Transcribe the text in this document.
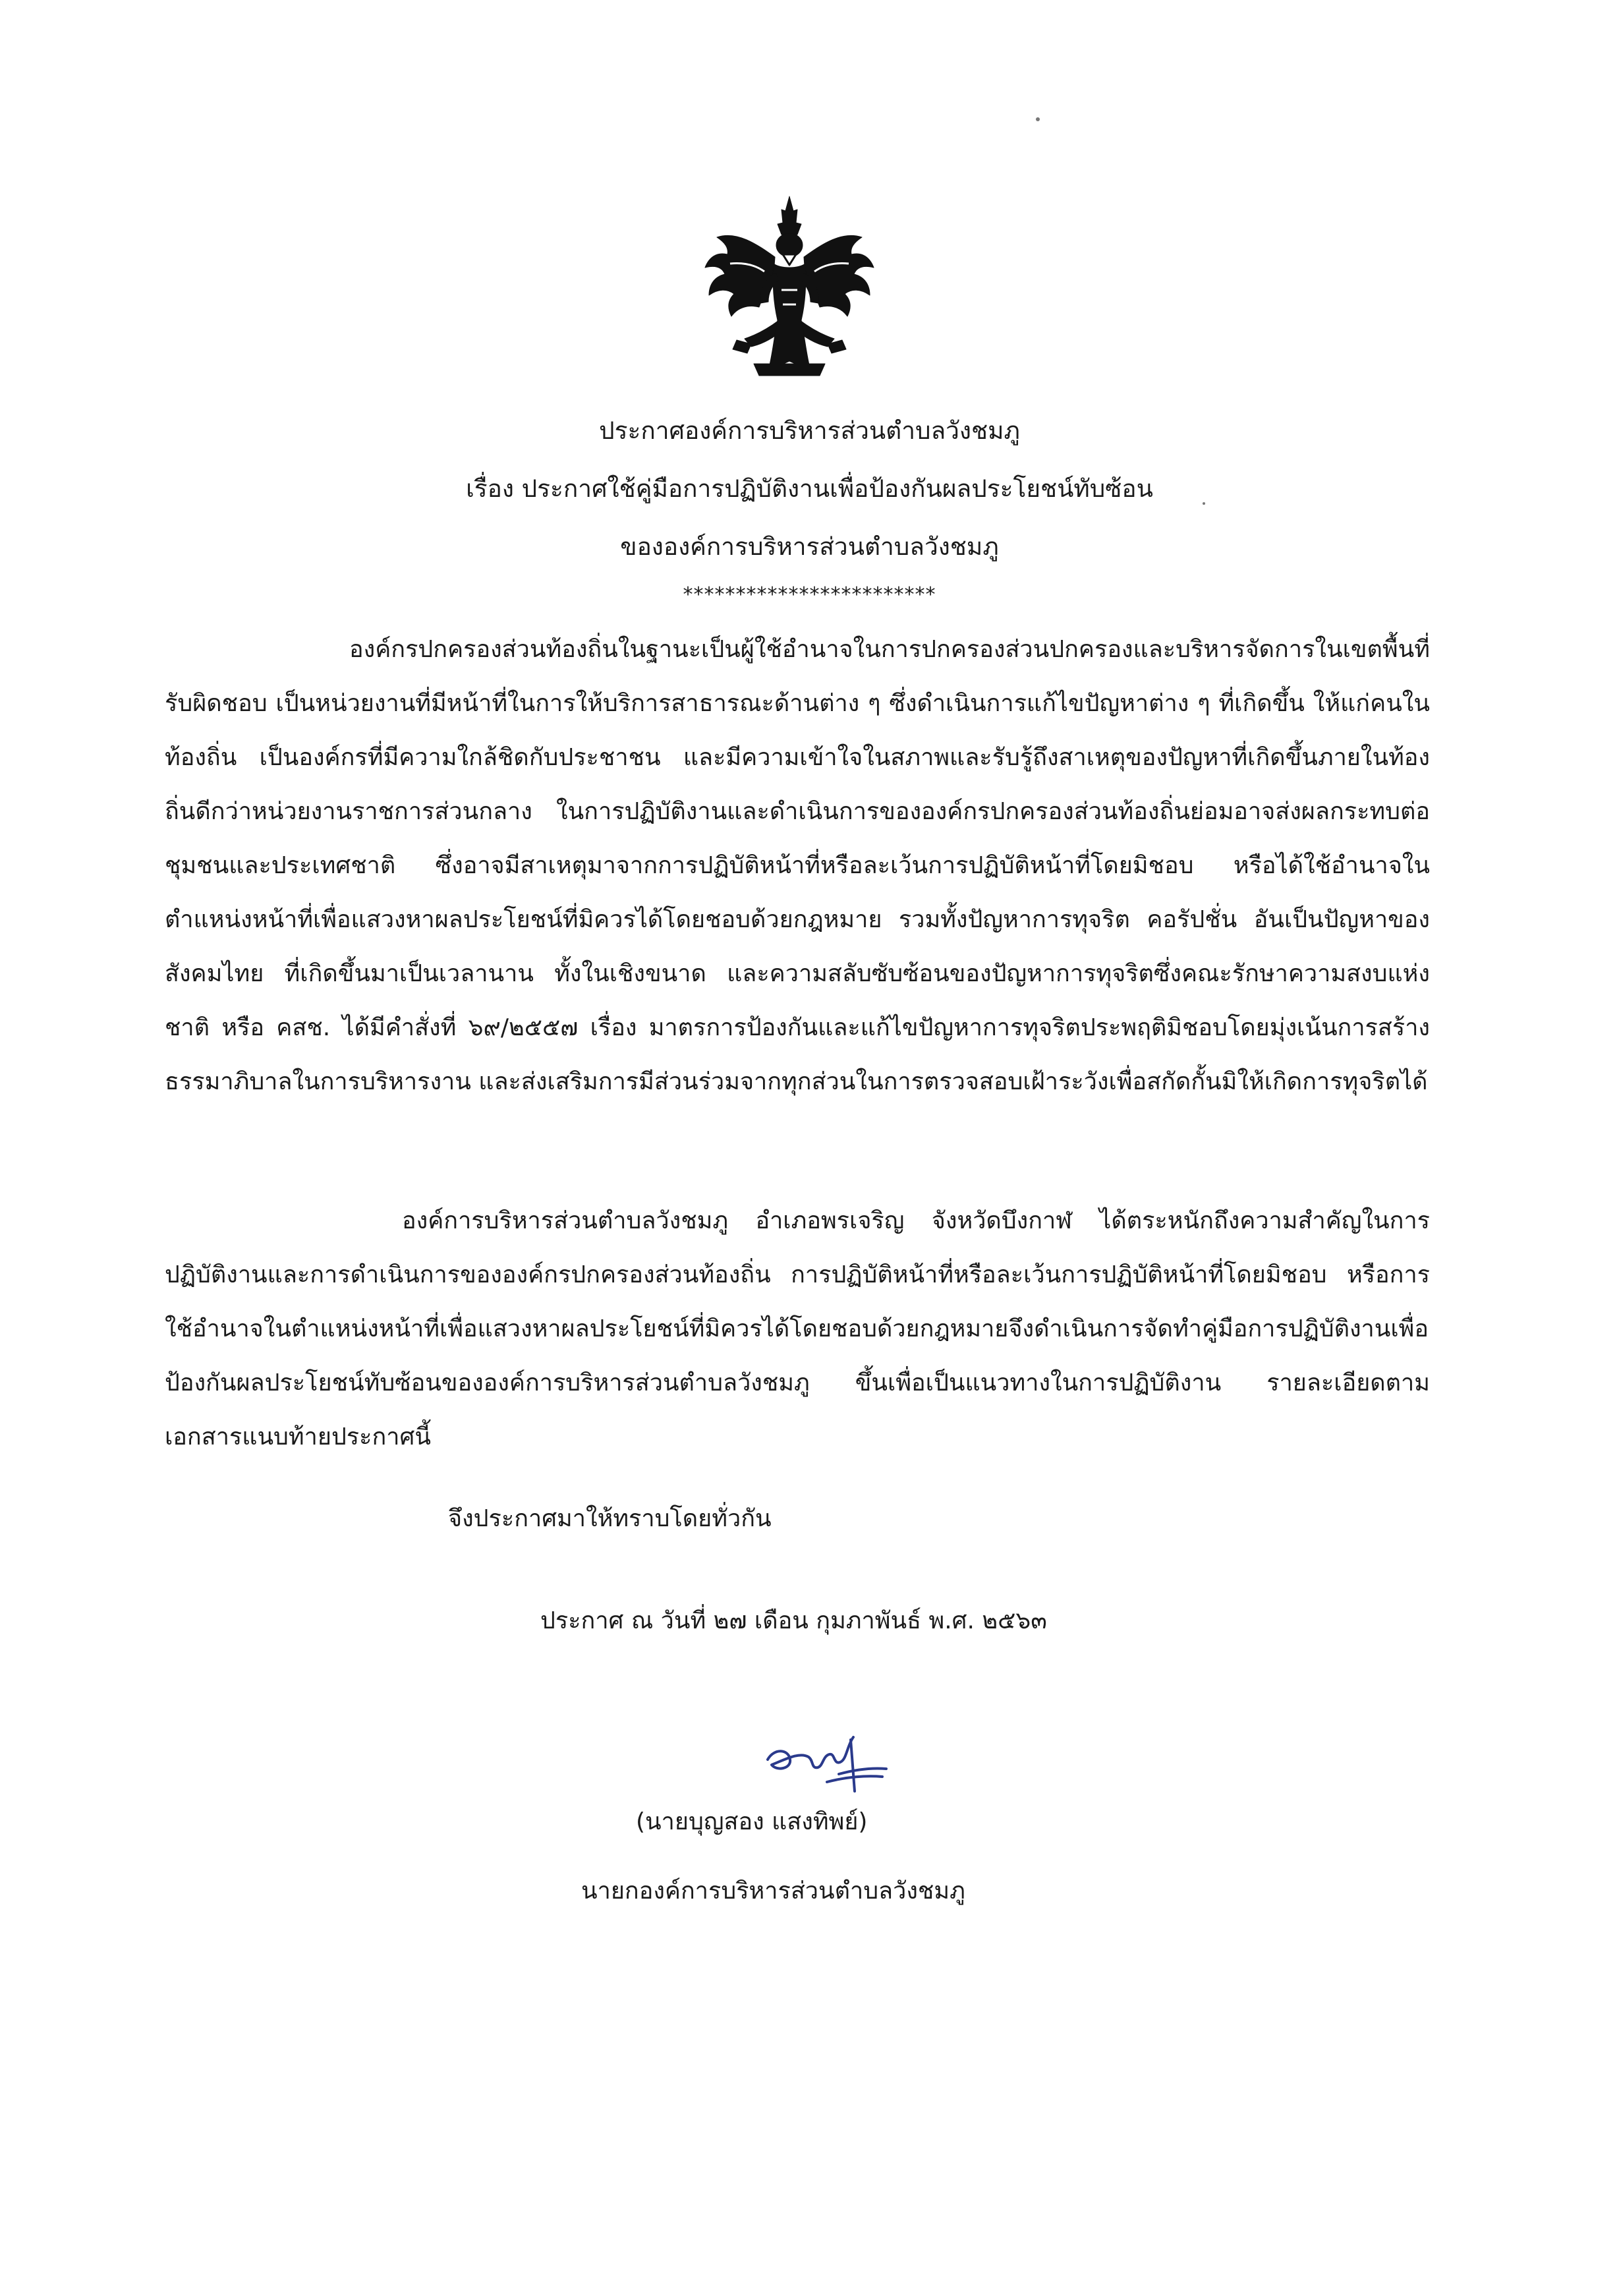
ประกาศองค์การบริหารส่วนตำบลวังชมภู
เรื่อง ประกาศใช้คู่มือการปฏิบัติงานเพื่อป้องกันผลประโยชน์ทับซ้อน
ขององค์การบริหารส่วนตำบลวังชมภู
************************

องค์กรปกครองส่วนท้องถิ่นในฐานะเป็นผู้ใช้อำนาจในการปกครองส่วนปกครองและบริหารจัดการในเขตพื้นที่รับผิดชอบ เป็นหน่วยงานที่มีหน้าที่ในการให้บริการสาธารณะด้านต่าง ๆ ซึ่งดำเนินการแก้ไขปัญหาต่าง ๆ ที่เกิดขึ้น ให้แก่คนในท้องถิ่น เป็นองค์กรที่มีความใกล้ชิดกับประชาชน และมีความเข้าใจในสภาพและรับรู้ถึงสาเหตุของปัญหาที่เกิดขึ้นภายในท้องถิ่นดีกว่าหน่วยงานราชการส่วนกลาง ในการปฏิบัติงานและดำเนินการขององค์กรปกครองส่วนท้องถิ่นย่อมอาจส่งผลกระทบต่อชุมชนและประเทศชาติ ซึ่งอาจมีสาเหตุมาจากการปฏิบัติหน้าที่หรือละเว้นการปฏิบัติหน้าที่โดยมิชอบ หรือได้ใช้อำนาจในตำแหน่งหน้าที่เพื่อแสวงหาผลประโยชน์ที่มิควรได้โดยชอบด้วยกฎหมาย รวมทั้งปัญหาการทุจริต คอรัปชั่น อันเป็นปัญหาของสังคมไทย ที่เกิดขึ้นมาเป็นเวลานาน ทั้งในเชิงขนาด และความสลับซับซ้อนของปัญหาการทุจริตซึ่งคณะรักษาความสงบแห่งชาติ หรือ คสช. ได้มีคำสั่งที่ ๖๙/๒๕๕๗ เรื่อง มาตรการป้องกันและแก้ไขปัญหาการทุจริตประพฤติมิชอบโดยมุ่งเน้นการสร้างธรรมาภิบาลในการบริหารงาน และส่งเสริมการมีส่วนร่วมจากทุกส่วนในการตรวจสอบเฝ้าระวังเพื่อสกัดกั้นมิให้เกิดการทุจริตได้

องค์การบริหารส่วนตำบลวังชมภู อำเภอพรเจริญ จังหวัดบึงกาฬ ได้ตระหนักถึงความสำคัญในการปฏิบัติงานและการดำเนินการขององค์กรปกครองส่วนท้องถิ่น การปฏิบัติหน้าที่หรือละเว้นการปฏิบัติหน้าที่โดยมิชอบ หรือการใช้อำนาจในตำแหน่งหน้าที่เพื่อแสวงหาผลประโยชน์ที่มิควรได้โดยชอบด้วยกฎหมายจึงดำเนินการจัดทำคู่มือการปฏิบัติงานเพื่อป้องกันผลประโยชน์ทับซ้อนขององค์การบริหารส่วนตำบลวังชมภู ขึ้นเพื่อเป็นแนวทางในการปฏิบัติงาน รายละเอียดตามเอกสารแนบท้ายประกาศนี้

จึงประกาศมาให้ทราบโดยทั่วกัน
ประกาศ ณ วันที่ ๒๗ เดือน กุมภาพันธ์ พ.ศ. ๒๕๖๓
(นายบุญสอง แสงทิพย์)
นายกองค์การบริหารส่วนตำบลวังชมภู
